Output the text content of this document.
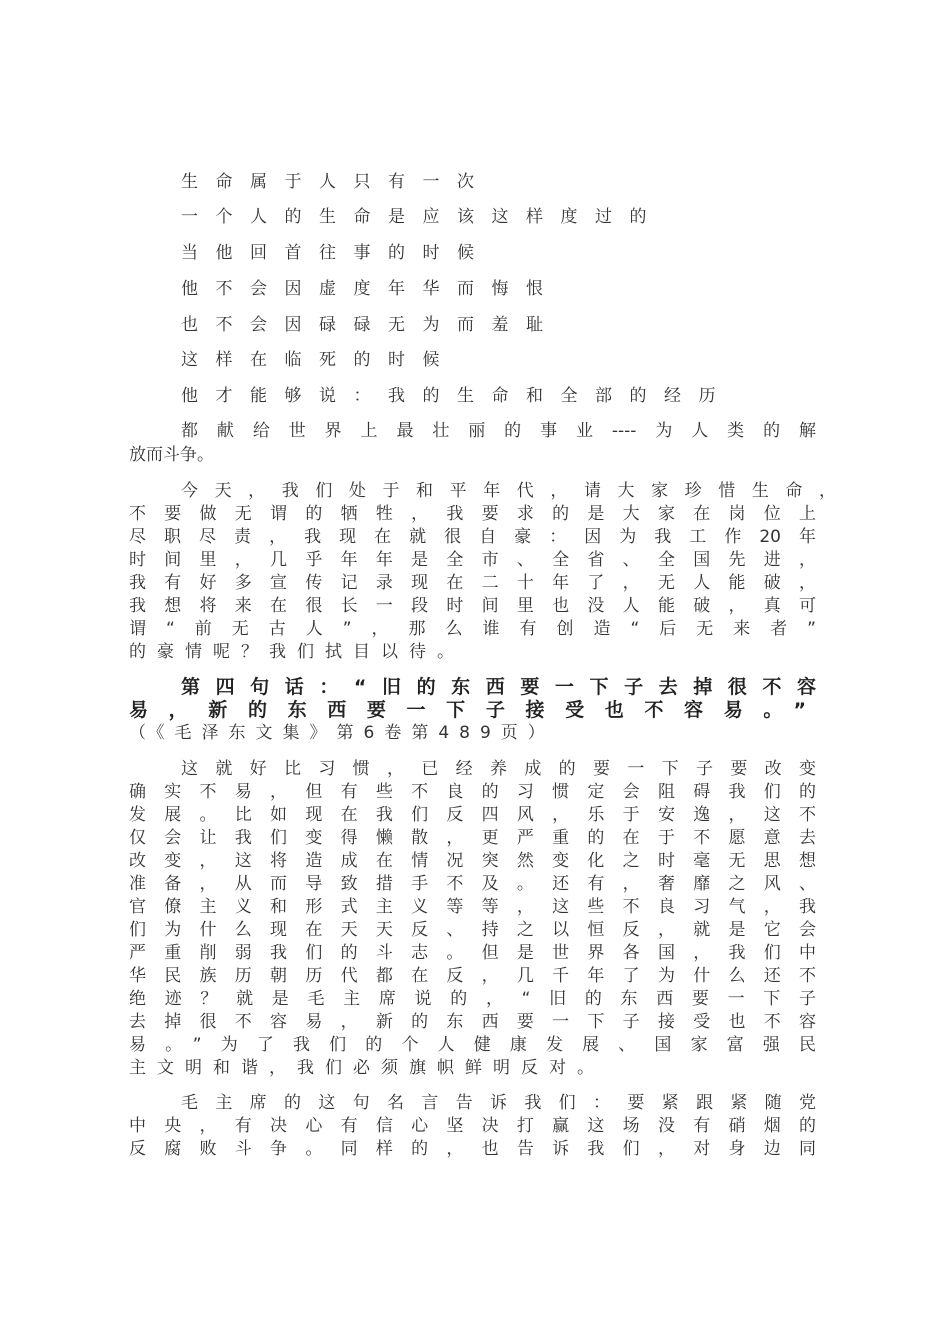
生命属于人只有一次
一个人的生命是应该这样度过的
当他回首往事的时候
他不会因虚度年华而悔恨
也不会因碌碌无为而羞耻
这样在临死的时候
他才能够说：我的生命和全部的经历
都献给世界上最壮丽的事业----为人类的解
放而斗争。
今天，我们处于和平年代，请大家珍惜生命，
不要做无谓的牺牲，我要求的是大家在岗位上
尽职尽责，我现在就很自豪：因为我工作20年
时间里，几乎年年是全市、全省、全国先进，
我有好多宣传记录现在二十年了，无人能破，
我想将来在很长一段时间里也没人能破，真可
谓“前无古人”，那么谁有创造“后无来者”
的豪情呢？我们拭目以待。
第四句话：“旧的东西要一下子去掉很不容
易，新的东西要一下子接受也不容易。”
（《毛泽东文集》第6卷第489页）
这就好比习惯，已经养成的要一下子要改变
确实不易，但有些不良的习惯定会阻碍我们的
发展。比如现在我们反四风，乐于安逸，这不
仅会让我们变得懒散，更严重的在于不愿意去
改变，这将造成在情况突然变化之时毫无思想
准备，从而导致措手不及。还有，奢靡之风、
官僚主义和形式主义等等，这些不良习气，我
们为什么现在天天反、持之以恒反，就是它会
严重削弱我们的斗志。但是世界各国，我们中
华民族历朝历代都在反，几千年了为什么还不
绝迹？就是毛主席说的，“旧的东西要一下子
去掉很不容易，新的东西要一下子接受也不容
易。”为了我们的个人健康发展、国家富强民
主文明和谐，我们必须旗帜鲜明反对。
毛主席的这句名言告诉我们：要紧跟紧随党
中央，有决心有信心坚决打赢这场没有硝烟的
反腐败斗争。同样的，也告诉我们，对身边同
